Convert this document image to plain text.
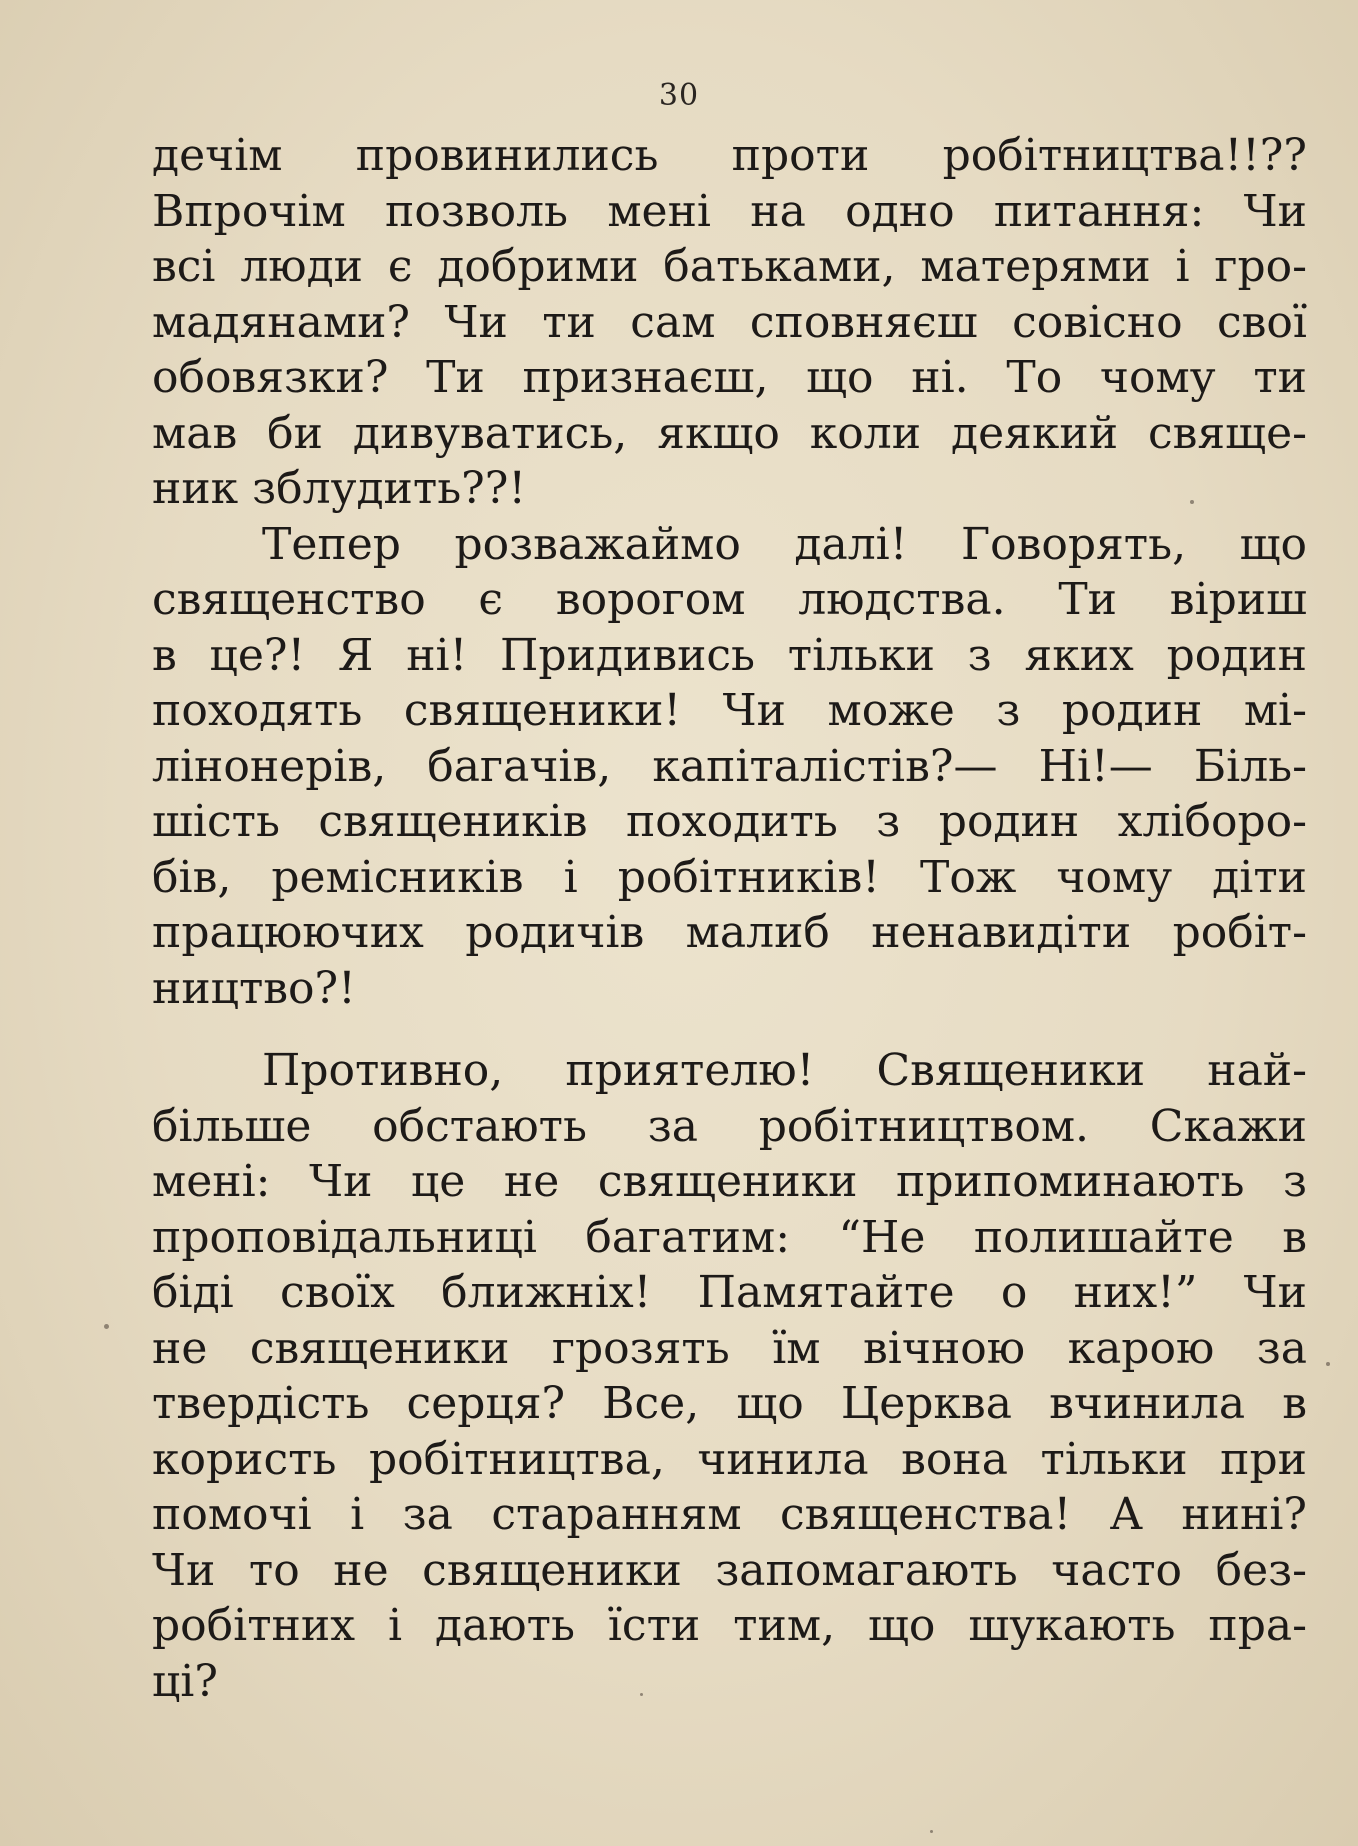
30
дечім провинились проти робітництва!!??
Впрочім позволь мені на одно питання: Чи
всі люди є добрими батьками, матерями і гро-
мадянами? Чи ти сам сповняєш совісно свої
обовязки? Ти признаєш, що ні. То чому ти
мав би дивуватись, якщо коли деякий свяще-
ник зблудить??!
Тепер розважаймо далі! Говорять, що
священство є ворогом людства. Ти віриш
в це?! Я ні! Придивись тільки з яких родин
походять священики! Чи може з родин мі-
лінонерів, багачів, капіталістів?— Ні!— Біль-
шість священиків походить з родин хліборо-
бів, ремісників і робітників! Тож чому діти
працюючих родичів малиб ненавидіти робіт-
ництво?!
Противно, приятелю! Священики най-
більше обстають за робітництвом. Скажи
мені: Чи це не священики припоминають з
проповідальниці багатим: “Не полишайте в
біді своїх ближніх! Памятайте о них!” Чи
не священики грозять їм вічною карою за
твердість серця? Все, що Церква вчинила в
користь робітництва, чинила вона тільки при
помочі і за старанням священства! А нині?
Чи то не священики запомагають часто без-
робітних і дають їсти тим, що шукають пра-
ці?
